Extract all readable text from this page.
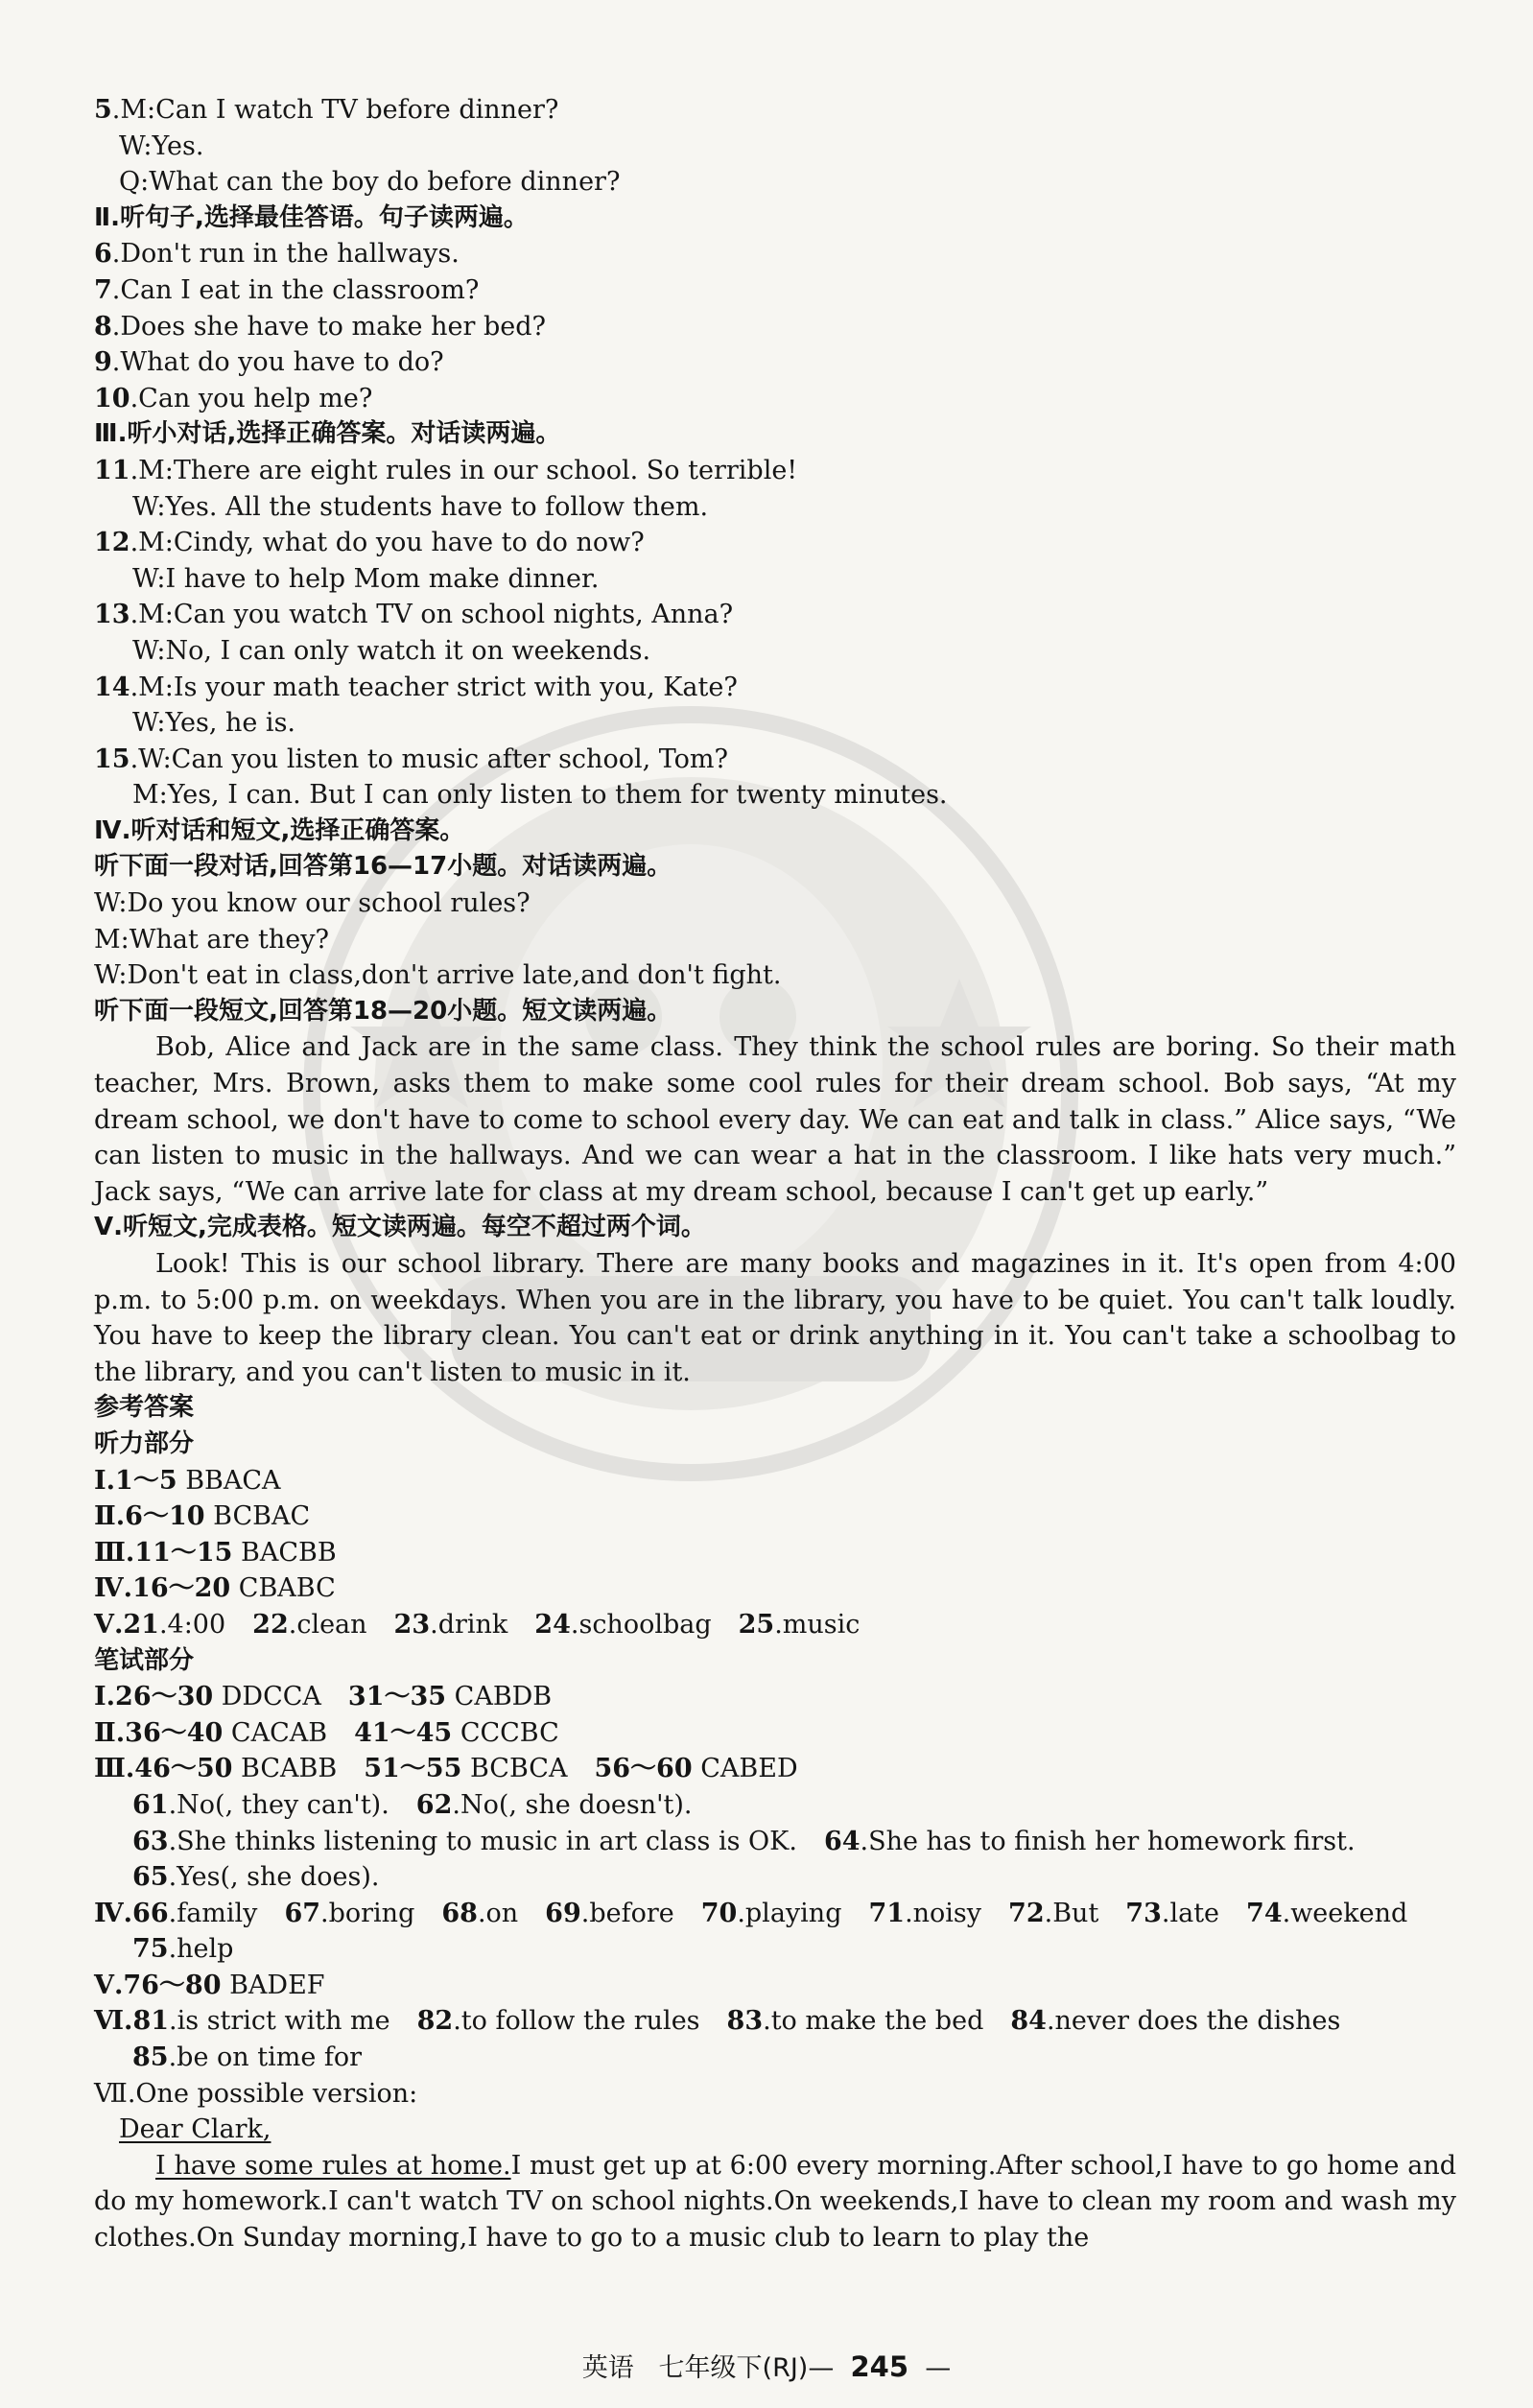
5.M:Can I watch TV before dinner?
W:Yes.
Q:What can the boy do before dinner?
Ⅱ.听句子,选择最佳答语。句子读两遍。
6.Don't run in the hallways.
7.Can I eat in the classroom?
8.Does she have to make her bed?
9.What do you have to do?
10.Can you help me?
Ⅲ.听小对话,选择正确答案。对话读两遍。
11.M:There are eight rules in our school. So terrible!
W:Yes. All the students have to follow them.
12.M:Cindy, what do you have to do now?
W:I have to help Mom make dinner.
13.M:Can you watch TV on school nights, Anna?
W:No, I can only watch it on weekends.
14.M:Is your math teacher strict with you, Kate?
W:Yes, he is.
15.W:Can you listen to music after school, Tom?
M:Yes, I can. But I can only listen to them for twenty minutes.
Ⅳ.听对话和短文,选择正确答案。
听下面一段对话,回答第16—17小题。对话读两遍。
W:Do you know our school rules?
M:What are they?
W:Don't eat in class,don't arrive late,and don't fight.
听下面一段短文,回答第18—20小题。短文读两遍。
Bob, Alice and Jack are in the same class. They think the school rules are boring. So their math teacher, Mrs. Brown, asks them to make some cool rules for their dream school. Bob says, “At my dream school, we don't have to come to school every day. We can eat and talk in class.” Alice says, “We can listen to music in the hallways. And we can wear a hat in the classroom. I like hats very much.” Jack says, “We can arrive late for class at my dream school, because I can't get up early.”
Ⅴ.听短文,完成表格。短文读两遍。每空不超过两个词。
Look! This is our school library. There are many books and magazines in it. It's open from 4:00 p.m. to 5:00 p.m. on weekdays. When you are in the library, you have to be quiet. You can't talk loudly. You have to keep the library clean. You can't eat or drink anything in it. You can't take a schoolbag to the library, and you can't listen to music in it.
参考答案
听力部分
Ⅰ.1～5 BBACA
Ⅱ.6～10 BCBAC
Ⅲ.11～15 BACBB
Ⅳ.16～20 CBABC
Ⅴ.21.4:00 22.clean 23.drink 24.schoolbag 25.music
笔试部分
Ⅰ.26～30 DDCCA 31～35 CABDB
Ⅱ.36～40 CACAB 41～45 CCCBC
Ⅲ.46～50 BCABB 51～55 BCBCA 56～60 CABED
61.No(, they can't). 62.No(, she doesn't).
63.She thinks listening to music in art class is OK. 64.She has to finish her homework first.
65.Yes(, she does).
Ⅳ.66.family 67.boring 68.on 69.before 70.playing 71.noisy 72.But 73.late 74.weekend
75.help
Ⅴ.76～80 BADEF
Ⅵ.81.is strict with me 82.to follow the rules 83.to make the bed 84.never does the dishes
85.be on time for
Ⅶ.One possible version:
Dear Clark,
I have some rules at home.I must get up at 6:00 every morning.After school,I have to go home and do my homework.I can't watch TV on school nights.On weekends,I have to clean my room and wash my clothes.On Sunday morning,I have to go to a music club to learn to play the
英语 七年级下(RJ)— 245 —
